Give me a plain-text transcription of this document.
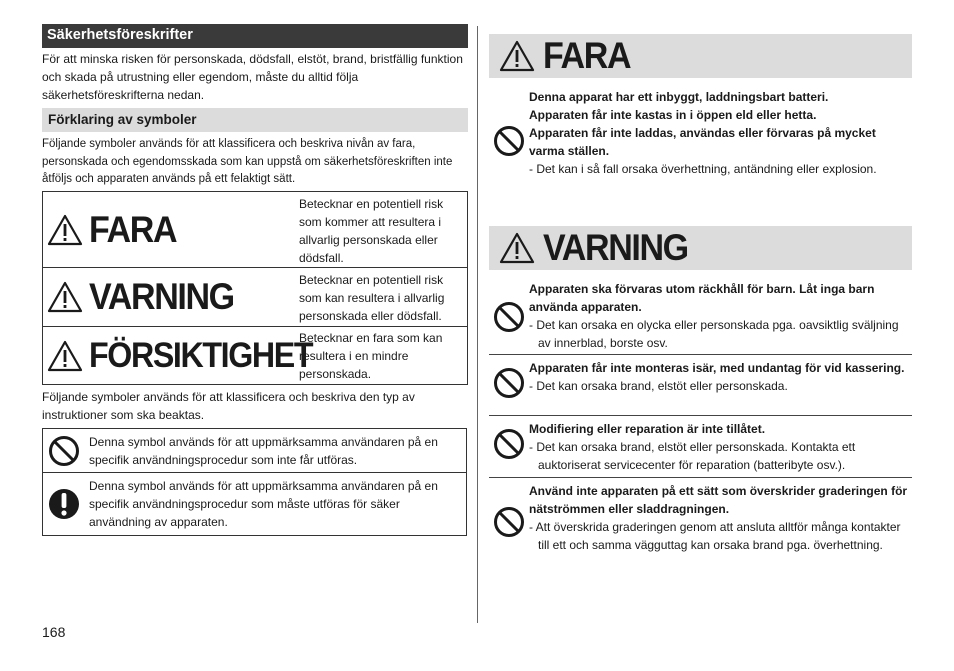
Säkerhetsföreskrifter
För att minska risken för personskada, dödsfall, elstöt, brand, bristfällig funktion och skada på utrustning eller egendom, måste du alltid följa säkerhetsföreskrifterna nedan.
Förklaring av symboler
Följande symboler används för att klassificera och beskriva nivån av fara, personskada och egendomsskada som kan uppstå om säkerhetsföreskriften inte åtföljs och apparaten används på ett felaktigt sätt.
FARA
Betecknar en potentiell risk som kommer att resultera i allvarlig personskada eller dödsfall.
VARNING	Betecknar en potentiell risk som kan resultera i allvarlig personskada eller dödsfall.
FÖRSIKTIGHET
Betecknar en fara som kan resultera i en mindre personskada.
Följande symboler används för att klassificera och beskriva den typ av instruktioner som ska beaktas.
Denna symbol används för att uppmärksamma användaren på en specifik användningsprocedur som inte får utföras.
Denna symbol används för att uppmärksamma användaren på en specifik användningsprocedur som måste utföras för säker användning av apparaten.
168
FARA
Denna apparat har ett inbyggt, laddningsbart batteri.
Apparaten får inte kastas in i öppen eld eller hetta.
Apparaten får inte laddas, användas eller förvaras på mycket varma ställen.
- Det kan i så fall orsaka överhettning, antändning eller explosion.
VARNING
Apparaten ska förvaras utom räckhåll för barn. Låt inga barn använda apparaten.
- Det kan orsaka en olycka eller personskada pga. oavsiktlig sväljning av innerblad, borste osv.
Apparaten får inte monteras isär, med undantag för vid kassering.
- Det kan orsaka brand, elstöt eller personskada.
Modifiering eller reparation är inte tillåtet.
- Det kan orsaka brand, elstöt eller personskada. Kontakta ett auktoriserat servicecenter för reparation (batteribyte osv.).
Använd inte apparaten på ett sätt som överskrider graderingen för nätströmmen eller sladdragningen.
- Att överskrida graderingen genom att ansluta alltför många kontakter till ett och samma vägguttag kan orsaka brand pga. överhettning.
